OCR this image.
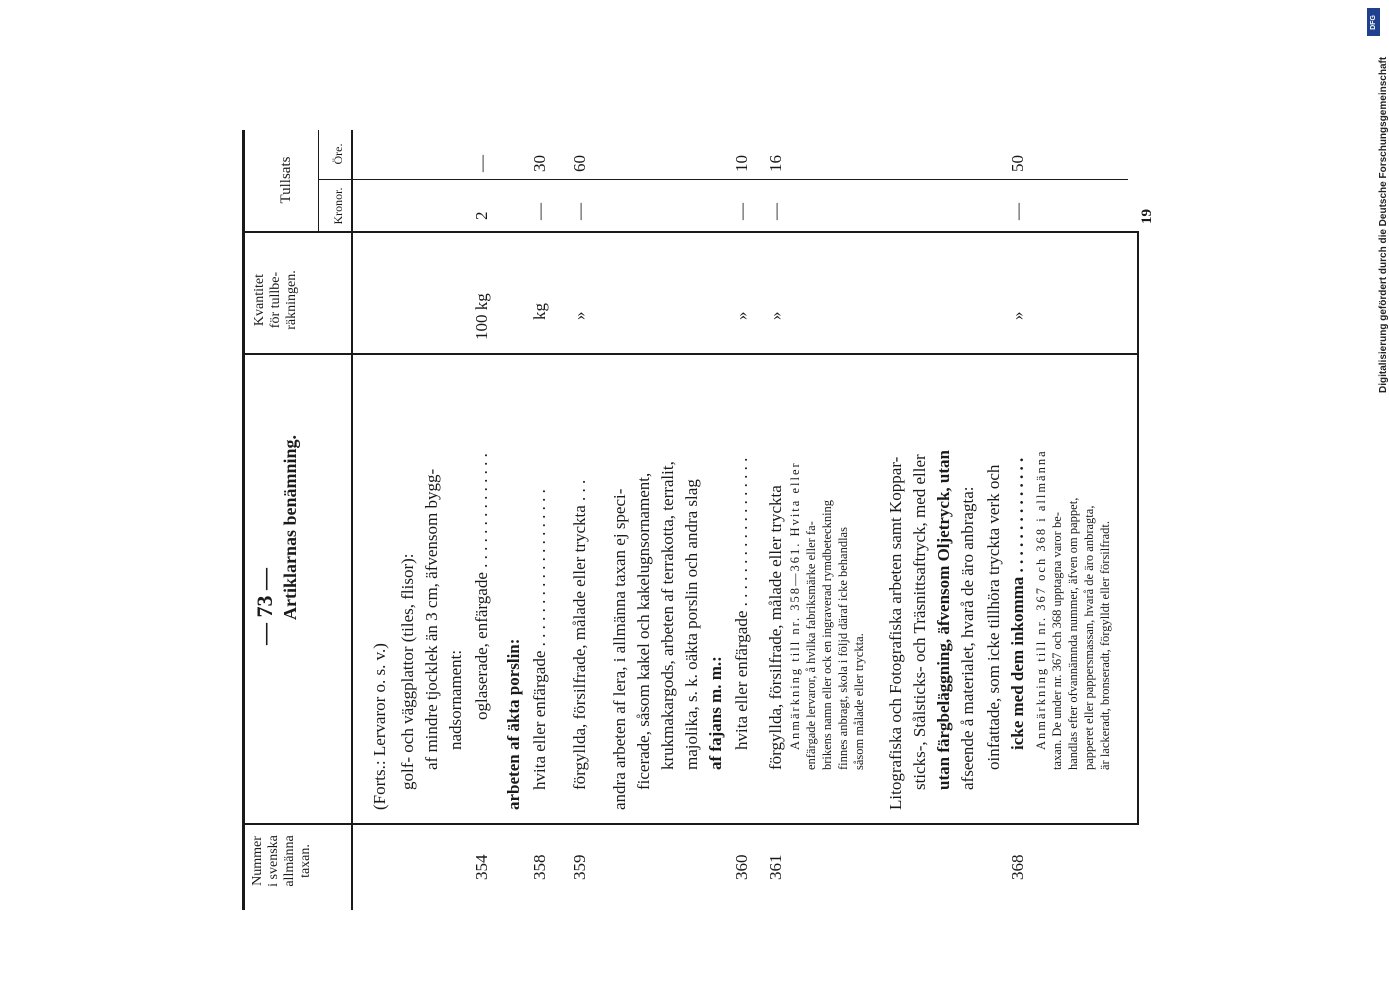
— 73 —
Nummer i svenska allmänna taxan.
Artiklarnas benämning.
Kvantitet för tullbe- räkningen.
Tullsats
Kronor.
Öre.
(Forts.: Lervaror o. s. v.) golf- och väggplattor (tiles, flisor): af mindre tjocklek än 3 cm, äfvensom bygg- nadsornament: oglaserade, enfärgade . . . . . . . . . . . . . .
arbeten af äkta porslin: hvita eller enfärgade . . . . . . . . . . . . . . . . . . . förgyllda, försilfrade, målade eller tryckta . . . andra arbeten af lera, i allmänna taxan ej speci- ficerade, såsom kakel och kakelugnsornament, krukmakargods, arbeten af terrakotta, terralit, majolika, s. k. oäkta porslin och andra slag af fajans m. m.: hvita eller enfärgade . . . . . . . . . . . . . . . . . . förgyllda, försilfrade, målade eller tryckta Anmärkning till nr. 358—361. Hvita eller enfärgade lervaror, å hvilka fabriksmärke eller fa- brikens namn eller ock en ingraverad rymdbeteckning finnes anbragt, skola i följd däraf icke behandlas såsom målade eller tryckta. Litografiska och Fotografiska arbeten samt Koppar- sticks-, Stålsticks- och Träsnittsaftryck, med eller utan färgbeläggning, äfvensom Oljetryck, utan afseende å materialet, hvarå de äro anbragta: oinfattade, som icke tillhöra tryckta verk och icke med dem inkomma . . . . . . . . . . . . . . Anmärkning till nr. 367 och 368 i allmänna taxan. De under nr. 367 och 368 upptagna varor be- handlas efter ofvannämnda nummer, äfven om pappet, papperet eller pappersmassan, hvarå de äro anbragta, är lackeradt, bronseradt, förgylldt eller försilfradt.
354
100 kg
2
—
358
kg
—
30
359
»
—
60
360
»
—
10
361
»
—
16
368
»
—
50
19
DFG
Digitalisierung gefördert durch die Deutsche Forschungsgemeinschaft
